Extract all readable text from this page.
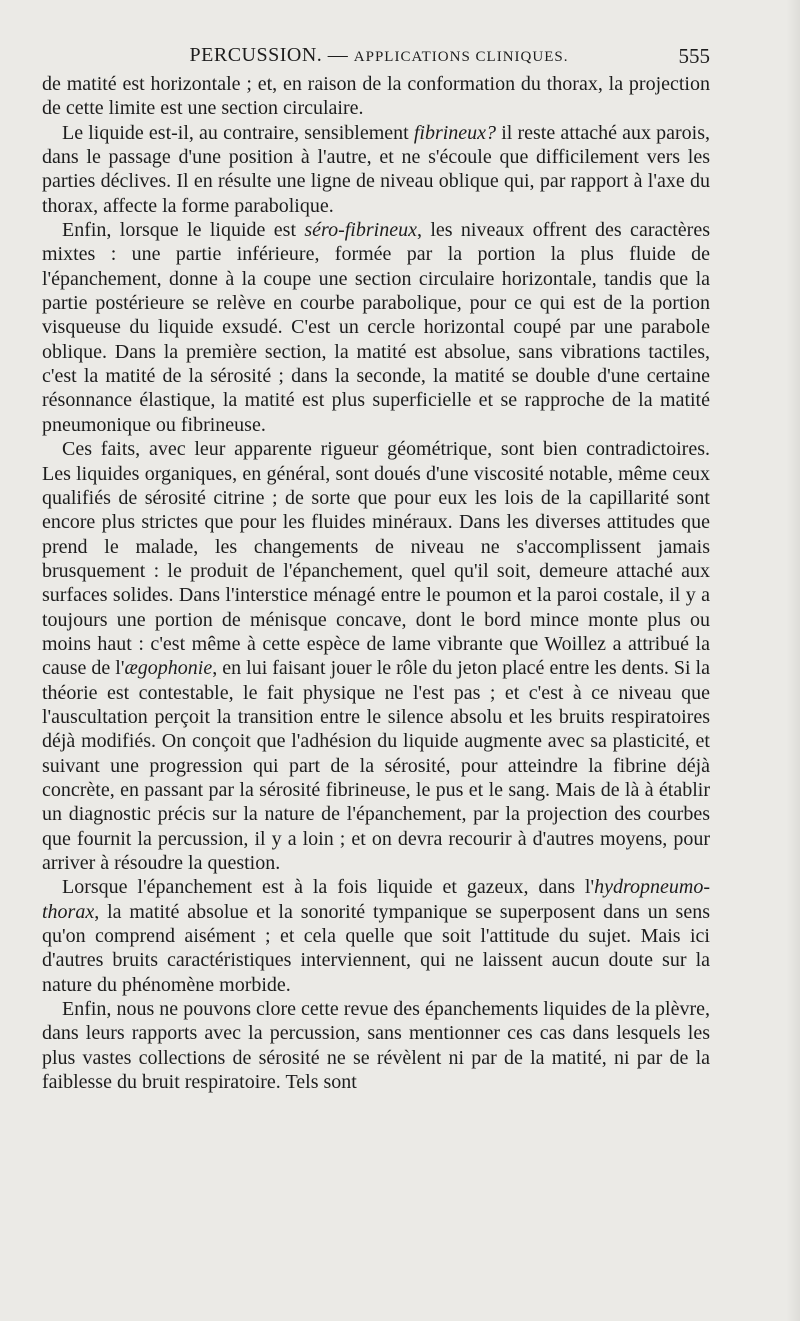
PERCUSSION. — APPLICATIONS CLINIQUES.	555

de matité est horizontale ; et, en raison de la conformation du thorax, la projection de cette limite est une section circulaire.

Le liquide est-il, au contraire, sensiblement fibrineux? il reste attaché aux parois, dans le passage d'une position à l'autre, et ne s'écoule que difficilement vers les parties déclives. Il en résulte une ligne de niveau oblique qui, par rapport à l'axe du thorax, affecte la forme parabolique.

Enfin, lorsque le liquide est séro-fibrineux, les niveaux offrent des caractères mixtes : une partie inférieure, formée par la portion la plus fluide de l'épanchement, donne à la coupe une section circulaire horizontale, tandis que la partie postérieure se relève en courbe parabolique, pour ce qui est de la portion visqueuse du liquide exsudé. C'est un cercle horizontal coupé par une parabole oblique. Dans la première section, la matité est absolue, sans vibrations tactiles, c'est la matité de la sérosité ; dans la seconde, la matité se double d'une certaine résonnance élastique, la matité est plus superficielle et se rapproche de la matité pneumonique ou fibrineuse.

Ces faits, avec leur apparente rigueur géométrique, sont bien contradictoires. Les liquides organiques, en général, sont doués d'une viscosité notable, même ceux qualifiés de sérosité citrine ; de sorte que pour eux les lois de la capillarité sont encore plus strictes que pour les fluides minéraux. Dans les diverses attitudes que prend le malade, les changements de niveau ne s'accomplissent jamais brusquement : le produit de l'épanchement, quel qu'il soit, demeure attaché aux surfaces solides. Dans l'interstice ménagé entre le poumon et la paroi costale, il y a toujours une portion de ménisque concave, dont le bord mince monte plus ou moins haut : c'est même à cette espèce de lame vibrante que Woillez a attribué la cause de l'ægophonie, en lui faisant jouer le rôle du jeton placé entre les dents. Si la théorie est contestable, le fait physique ne l'est pas ; et c'est à ce niveau que l'auscultation perçoit la transition entre le silence absolu et les bruits respiratoires déjà modifiés. On conçoit que l'adhésion du liquide augmente avec sa plasticité, et suivant une progression qui part de la sérosité, pour atteindre la fibrine déjà concrète, en passant par la sérosité fibrineuse, le pus et le sang. Mais de là à établir un diagnostic précis sur la nature de l'épanchement, par la projection des courbes que fournit la percussion, il y a loin ; et on devra recourir à d'autres moyens, pour arriver à résoudre la question.

Lorsque l'épanchement est à la fois liquide et gazeux, dans l'hydropneumo-thorax, la matité absolue et la sonorité tympanique se superposent dans un sens qu'on comprend aisément ; et cela quelle que soit l'attitude du sujet. Mais ici d'autres bruits caractéristiques interviennent, qui ne laissent aucun doute sur la nature du phénomène morbide.

Enfin, nous ne pouvons clore cette revue des épanchements liquides de la plèvre, dans leurs rapports avec la percussion, sans mentionner ces cas dans lesquels les plus vastes collections de sérosité ne se révèlent ni par de la matité, ni par de la faiblesse du bruit respiratoire. Tels sont
